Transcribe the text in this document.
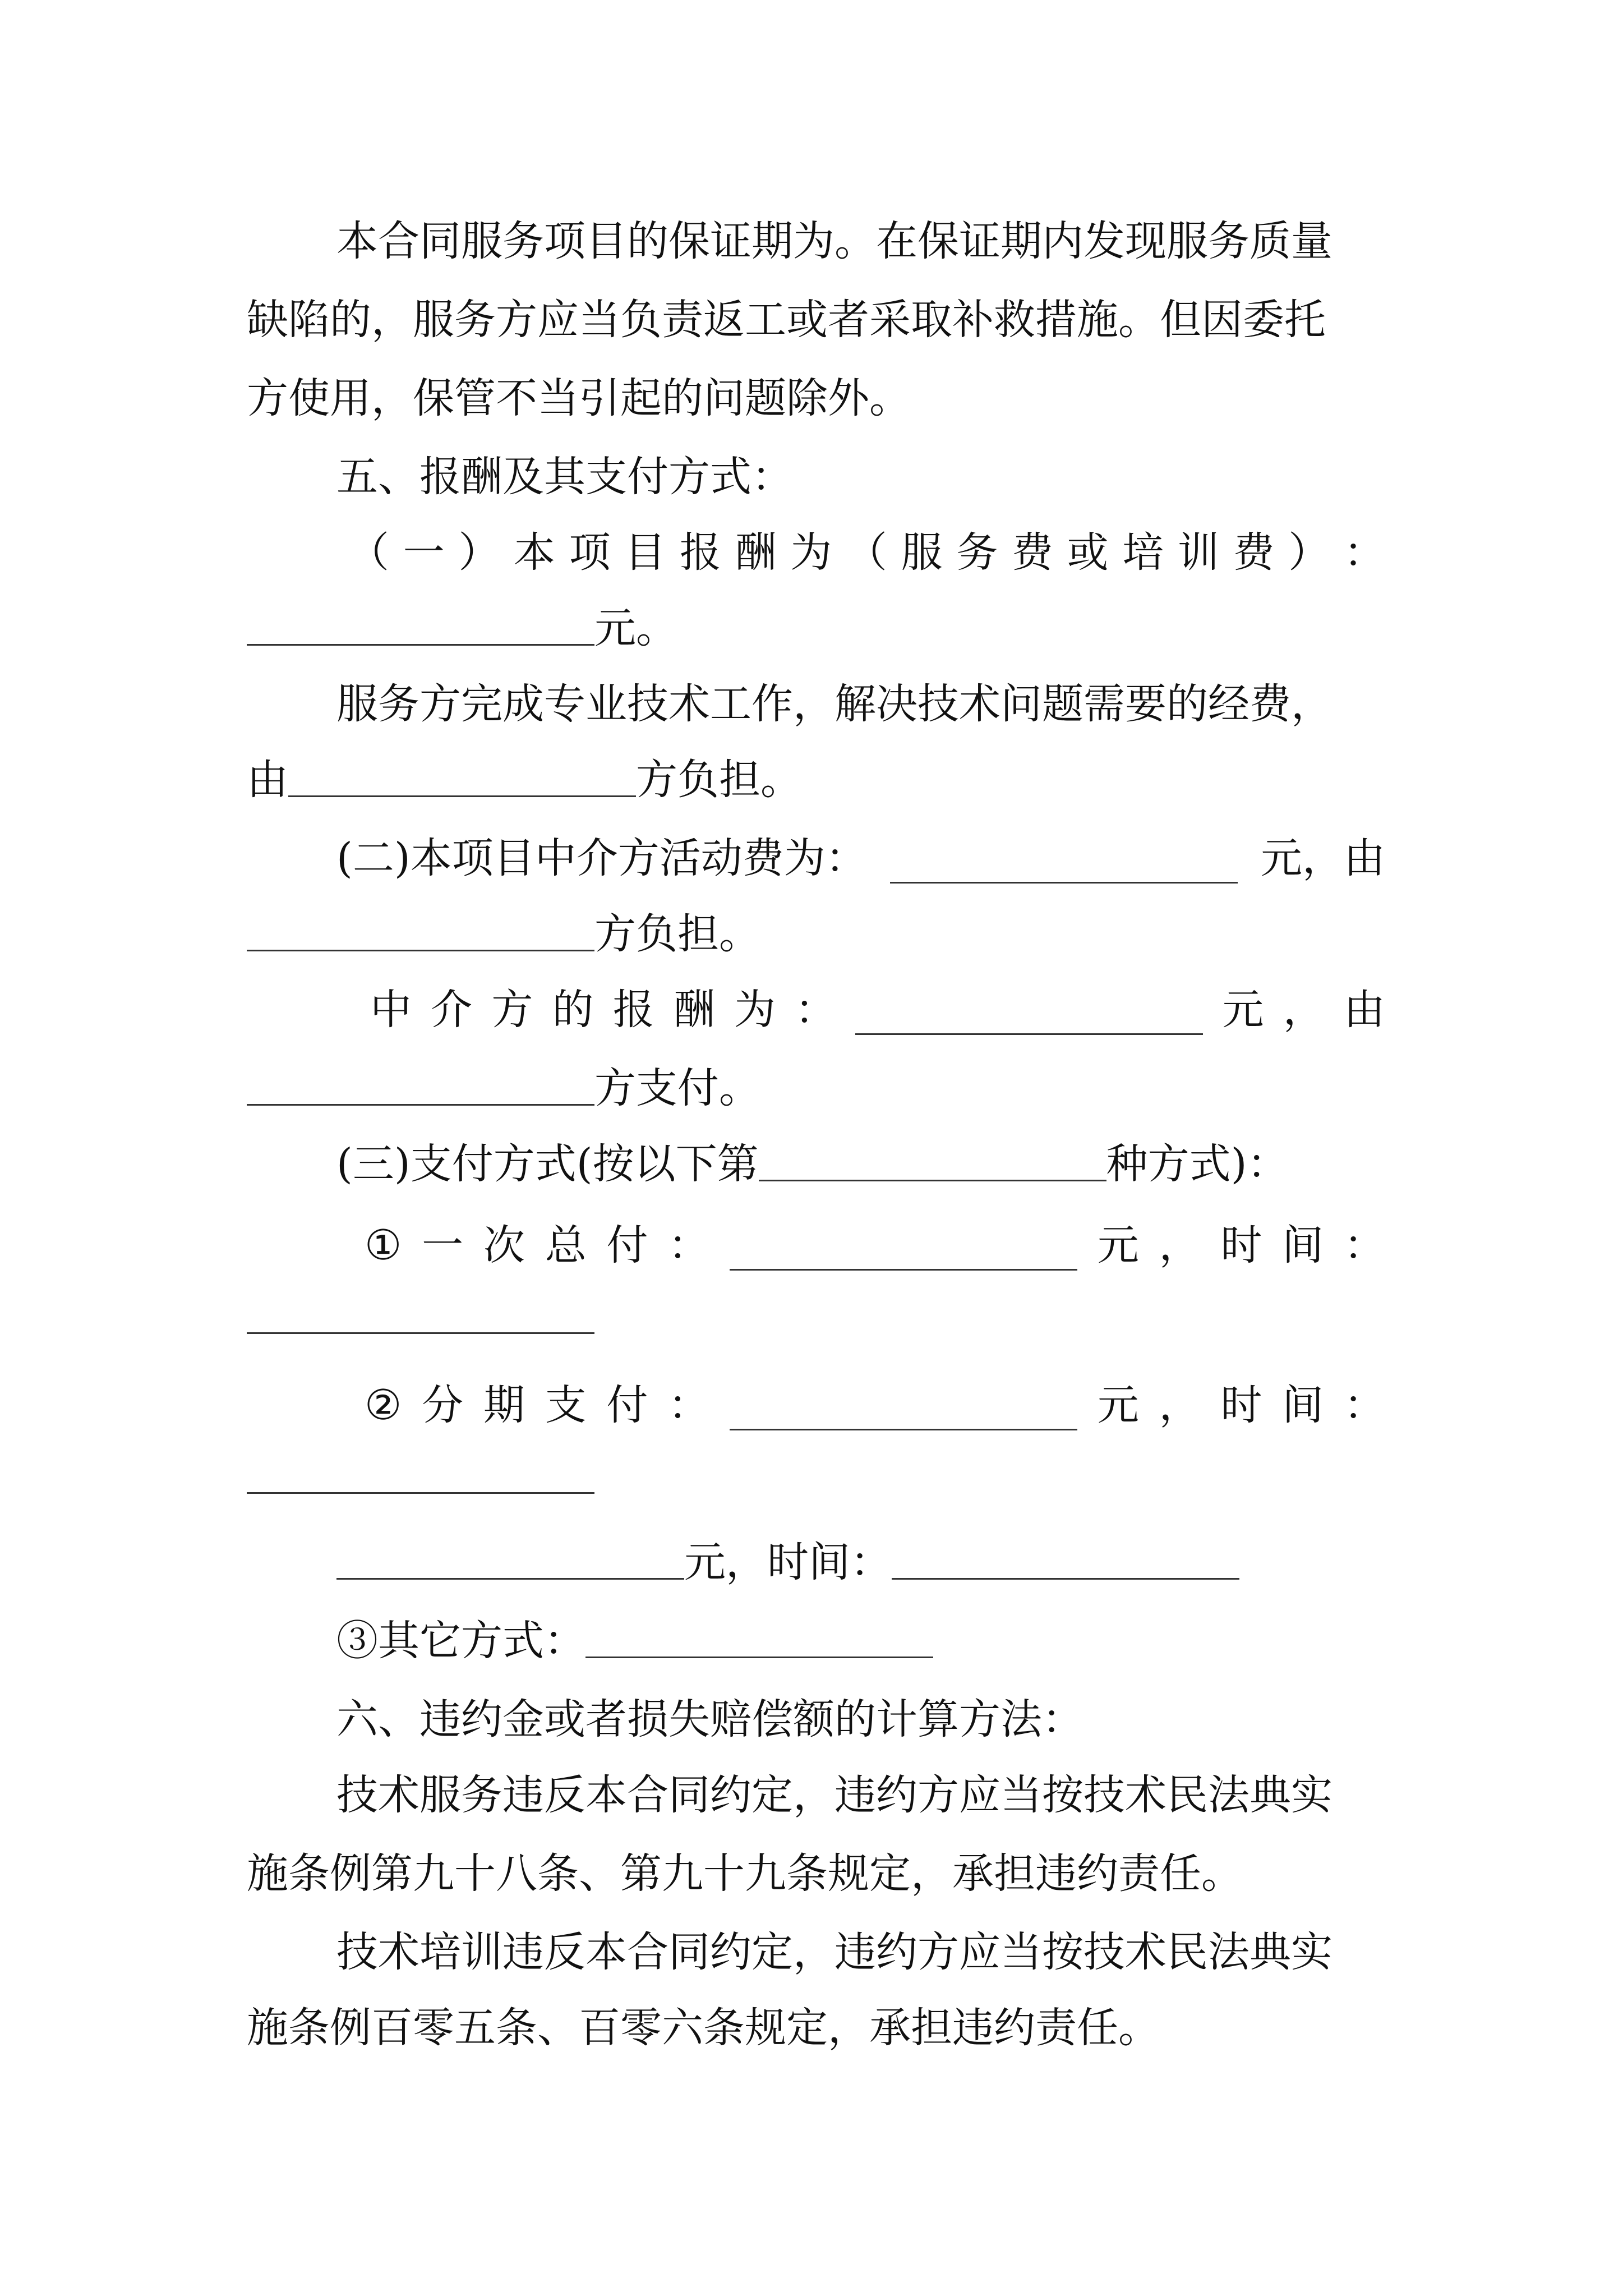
本合同服务项目的保证期为。在保证期内发现服务质量
缺陷的，服务方应当负责返工或者采取补救措施。但因委托
方使用，保管不当引起的问题除外。
五、报酬及其支付方式：
（ 一 ） 本 项 目 报 酬 为 （ 服 务 费 或 培 训 费 ） ：
元。
服务方完成专业技术工作，解决技术问题需要的经费，
由	方负担。
(二)本项目中介方活动费为：	元，由
方负担。
中 介 方 的 报 酬 为 ：	元 ， 由
方支付。
(三)支付方式(按以下第	种方式)：
① 一 次 总 付 ：	元 ， 时 间 ：
② 分 期 支 付 ：	元 ， 时 间 ：
元，时间：
③其它方式：
六、违约金或者损失赔偿额的计算方法：
技术服务违反本合同约定，违约方应当按技术民法典实
施条例第九十八条、第九十九条规定，承担违约责任。
技术培训违反本合同约定，违约方应当按技术民法典实
施条例百零五条、百零六条规定，承担违约责任。
